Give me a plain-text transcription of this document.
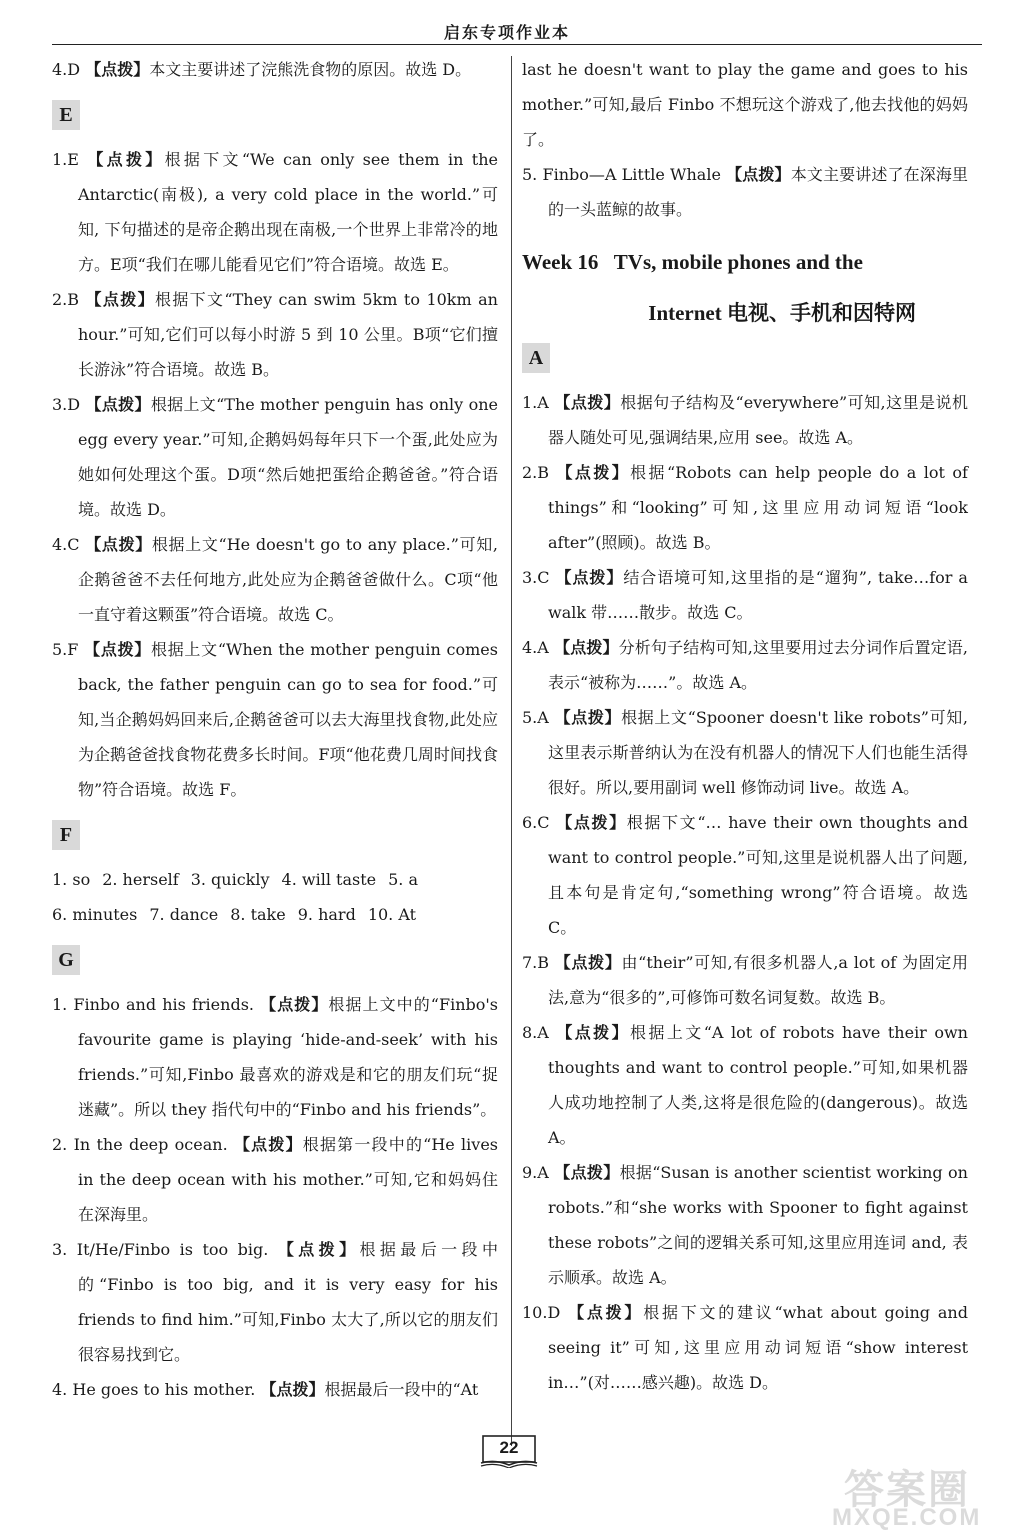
启东专项作业本

4.D 【点拨】本文主要讲述了浣熊洗食物的原因。故选 D。

E

1.E 【点拨】根据下文“We can only see them in the Antarctic(南极), a very cold place in the world.”可知, 下句描述的是帝企鹅出现在南极,一个世界上非常冷的地方。E项“我们在哪儿能看见它们”符合语境。故选 E。

2.B 【点拨】根据下文“They can swim 5km to 10km an hour.”可知,它们可以每小时游 5 到 10 公里。B项“它们擅长游泳”符合语境。故选 B。

3.D 【点拨】根据上文“The mother penguin has only one egg every year.”可知,企鹅妈妈每年只下一个蛋,此处应为她如何处理这个蛋。D项“然后她把蛋给企鹅爸爸。”符合语境。故选 D。

4.C 【点拨】根据上文“He doesn't go to any place.”可知, 企鹅爸爸不去任何地方,此处应为企鹅爸爸做什么。C项“他一直守着这颗蛋”符合语境。故选 C。

5.F 【点拨】根据上文“When the mother penguin comes back, the father penguin can go to sea for food.”可知,当企鹅妈妈回来后,企鹅爸爸可以去大海里找食物,此处应为企鹅爸爸找食物花费多长时间。F项“他花费几周时间找食物”符合语境。故选 F。

F
1. so 2. herself 3. quickly 4. will taste 5. a
6. minutes 7. dance 8. take 9. hard 10. At
G

1. Finbo and his friends. 【点拨】根据上文中的“Finbo's favourite game is playing ‘hide-and-seek’ with his friends.”可知,Finbo 最喜欢的游戏是和它的朋友们玩“捉迷藏”。所以 they 指代句中的“Finbo and his friends”。

2. In the deep ocean. 【点拨】根据第一段中的“He lives in the deep ocean with his mother.”可知,它和妈妈住在深海里。

3. It/He/Finbo is too big. 【点拨】根据最后一段中的“Finbo is too big, and it is very easy for his friends to find him.”可知,Finbo 太大了,所以它的朋友们很容易找到它。

4. He goes to his mother. 【点拨】根据最后一段中的“At

last he doesn't want to play the game and goes to his mother.”可知,最后 Finbo 不想玩这个游戏了,他去找他的妈妈了。

5. Finbo—A Little Whale 【点拨】本文主要讲述了在深海里的一头蓝鲸的故事。

Week 16   TVs, mobile phones and the
Internet 电视、手机和因特网
A

1.A 【点拨】根据句子结构及“everywhere”可知,这里是说机器人随处可见,强调结果,应用 see。故选 A。

2.B 【点拨】根据“Robots can help people do a lot of things”和“looking”可知,这里应用动词短语“look after”(照顾)。故选 B。

3.C 【点拨】结合语境可知,这里指的是“遛狗”, take…for a walk 带……散步。故选 C。

4.A 【点拨】分析句子结构可知,这里要用过去分词作后置定语,表示“被称为……”。故选 A。

5.A 【点拨】根据上文“Spooner doesn't like robots”可知, 这里表示斯普纳认为在没有机器人的情况下人们也能生活得很好。所以,要用副词 well 修饰动词 live。故选 A。

6.C 【点拨】根据下文“… have their own thoughts and want to control people.”可知,这里是说机器人出了问题,且本句是肯定句,“something wrong”符合语境。故选 C。

7.B 【点拨】由“their”可知,有很多机器人,a lot of 为固定用法,意为“很多的”,可修饰可数名词复数。故选 B。

8.A 【点拨】根据上文“A lot of robots have their own thoughts and want to control people.”可知,如果机器人成功地控制了人类,这将是很危险的(dangerous)。故选 A。

9.A 【点拨】根据“Susan is another scientist working on robots.”和“she works with Spooner to fight against these robots”之间的逻辑关系可知,这里应用连词 and, 表示顺承。故选 A。

10.D 【点拨】根据下文的建议“what about going and seeing it”可知,这里应用动词短语“show interest in…”(对……感兴趣)。故选 D。

22
答案圈
MXQE.COM
